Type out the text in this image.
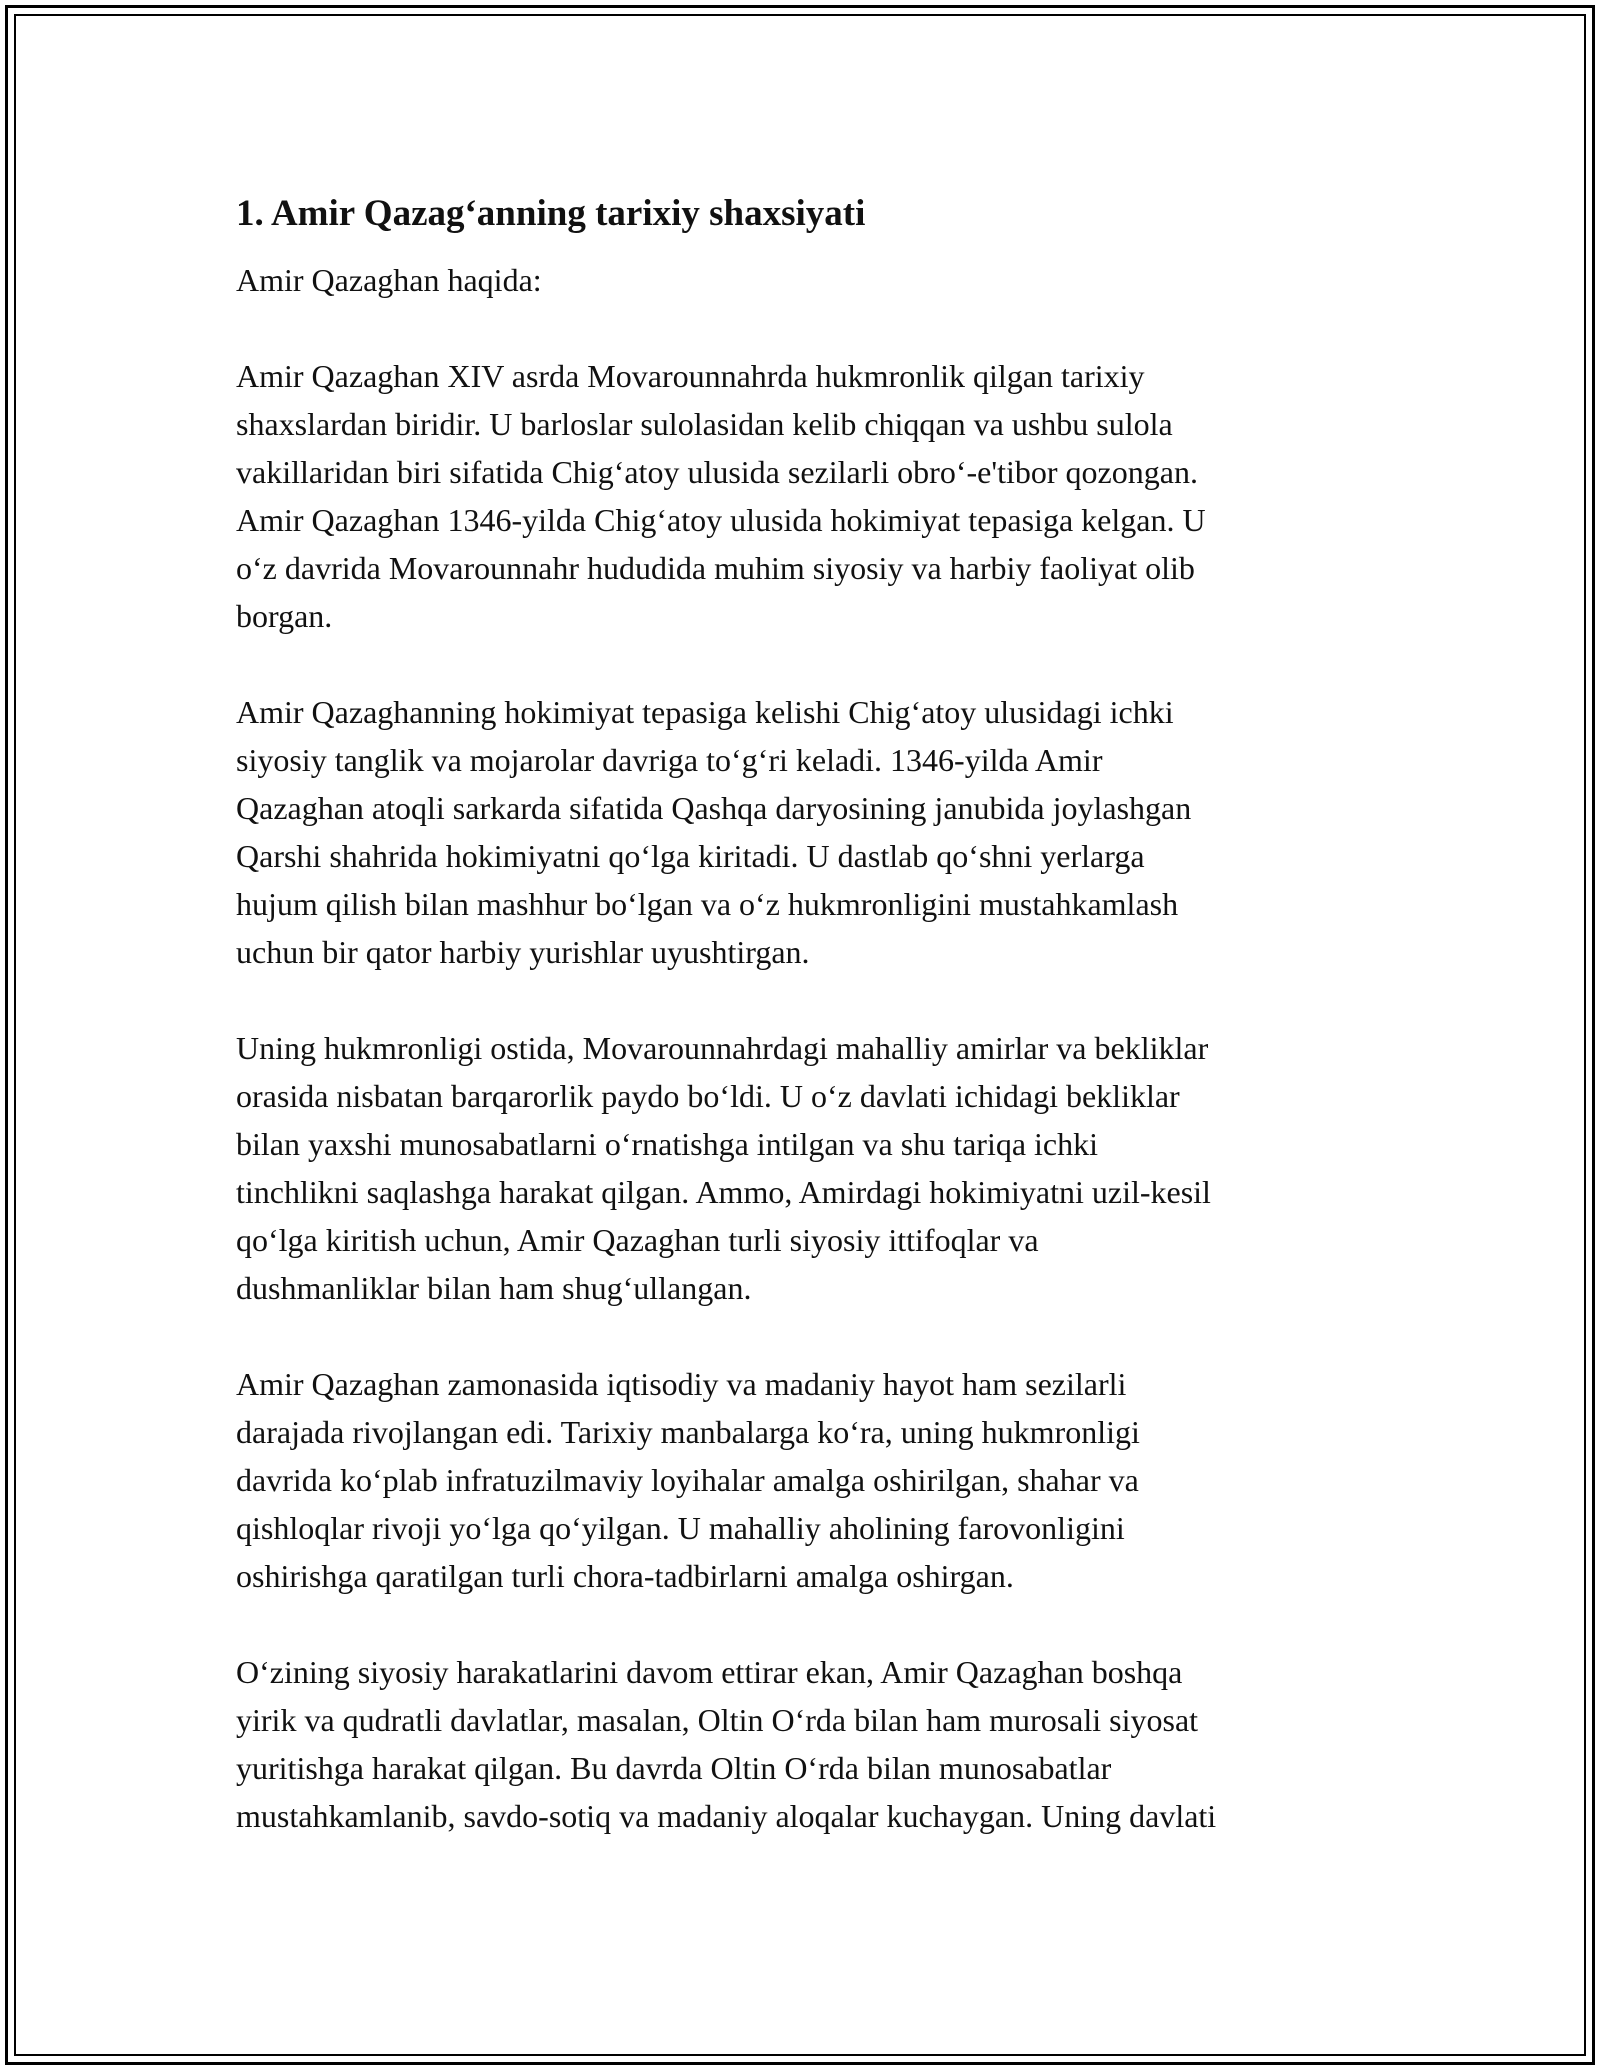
1. Amir Qazag‘anning tarixiy shaxsiyati

Amir Qazaghan haqida:

Amir Qazaghan XIV asrda Movarounnahrda hukmronlik qilgan tarixiy
shaxslardan biridir. U barloslar sulolasidan kelib chiqqan va ushbu sulola
vakillaridan biri sifatida Chig‘atoy ulusida sezilarli obro‘-e'tibor qozongan.
Amir Qazaghan 1346-yilda Chig‘atoy ulusida hokimiyat tepasiga kelgan. U
o‘z davrida Movarounnahr hududida muhim siyosiy va harbiy faoliyat olib
borgan.
Amir Qazaghanning hokimiyat tepasiga kelishi Chig‘atoy ulusidagi ichki
siyosiy tanglik va mojarolar davriga to‘g‘ri keladi. 1346-yilda Amir
Qazaghan atoqli sarkarda sifatida Qashqa daryosining janubida joylashgan
Qarshi shahrida hokimiyatni qo‘lga kiritadi. U dastlab qo‘shni yerlarga
hujum qilish bilan mashhur bo‘lgan va o‘z hukmronligini mustahkamlash
uchun bir qator harbiy yurishlar uyushtirgan.
Uning hukmronligi ostida, Movarounnahrdagi mahalliy amirlar va bekliklar
orasida nisbatan barqarorlik paydo bo‘ldi. U o‘z davlati ichidagi bekliklar
bilan yaxshi munosabatlarni o‘rnatishga intilgan va shu tariqa ichki
tinchlikni saqlashga harakat qilgan. Ammo, Amirdagi hokimiyatni uzil-kesil
qo‘lga kiritish uchun, Amir Qazaghan turli siyosiy ittifoqlar va
dushmanliklar bilan ham shug‘ullangan.
Amir Qazaghan zamonasida iqtisodiy va madaniy hayot ham sezilarli
darajada rivojlangan edi. Tarixiy manbalarga ko‘ra, uning hukmronligi
davrida ko‘plab infratuzilmaviy loyihalar amalga oshirilgan, shahar va
qishloqlar rivoji yo‘lga qo‘yilgan. U mahalliy aholining farovonligini
oshirishga qaratilgan turli chora-tadbirlarni amalga oshirgan.
O‘zining siyosiy harakatlarini davom ettirar ekan, Amir Qazaghan boshqa
yirik va qudratli davlatlar, masalan, Oltin O‘rda bilan ham murosali siyosat
yuritishga harakat qilgan. Bu davrda Oltin O‘rda bilan munosabatlar
mustahkamlanib, savdo-sotiq va madaniy aloqalar kuchaygan. Uning davlati
